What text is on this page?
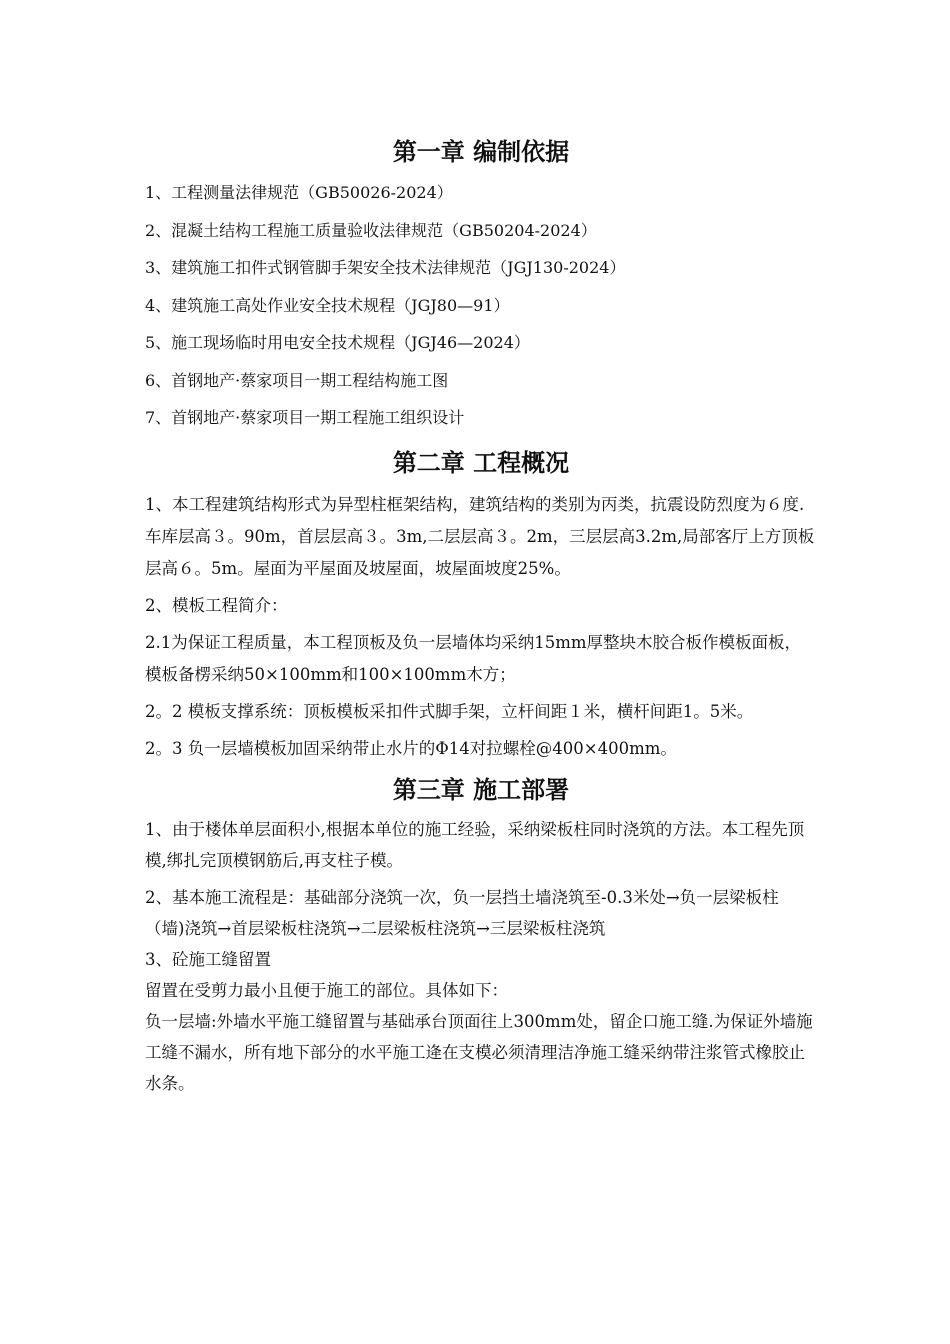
第一章 编制依据
1、工程测量法律规范（GB50026-2024）
2、混凝土结构工程施工质量验收法律规范（GB50204-2024）
3、建筑施工扣件式钢管脚手架安全技术法律规范（JGJ130-2024）
4、建筑施工高处作业安全技术规程（JGJ80—91）
5、施工现场临时用电安全技术规程（JGJ46—2024）
6、首钢地产·蔡家项目一期工程结构施工图
7、首钢地产·蔡家项目一期工程施工组织设计
第二章 工程概况

1、本工程建筑结构形式为异型柱框架结构，建筑结构的类别为丙类，抗震设防烈度为６度.车库层高３。90m，首层层高３。3m,二层层高３。2m，三层层高3.2m,局部客厅上方顶板层高６。5m。屋面为平屋面及坡屋面，坡屋面坡度25%。

2、模板工程简介：

2.1为保证工程质量，本工程顶板及负一层墙体均采纳15mm厚整块木胶合板作模板面板，模板备楞采纳50×100mm和100×100mm木方；

2。2 模板支撑系统：顶板模板采扣件式脚手架，立杆间距１米，横杆间距1。5米。

2。3 负一层墙模板加固采纳带止水片的Φ14对拉螺栓@400×400mm。

第三章 施工部署

1、由于楼体单层面积小,根据本单位的施工经验，采纳梁板柱同时浇筑的方法。本工程先顶模,绑扎完顶模钢筋后,再支柱子模。

2、基本施工流程是：基础部分浇筑一次，负一层挡土墙浇筑至-0.3米处→负一层梁板柱（墙)浇筑→首层梁板柱浇筑→二层梁板柱浇筑→三层梁板柱浇筑

3、砼施工缝留置

留置在受剪力最小且便于施工的部位。具体如下：

负一层墙:外墙水平施工缝留置与基础承台顶面往上300mm处，留企口施工缝.为保证外墙施工缝不漏水，所有地下部分的水平施工逄在支模必须清理洁净施工缝采纳带注浆管式橡胶止水条。
